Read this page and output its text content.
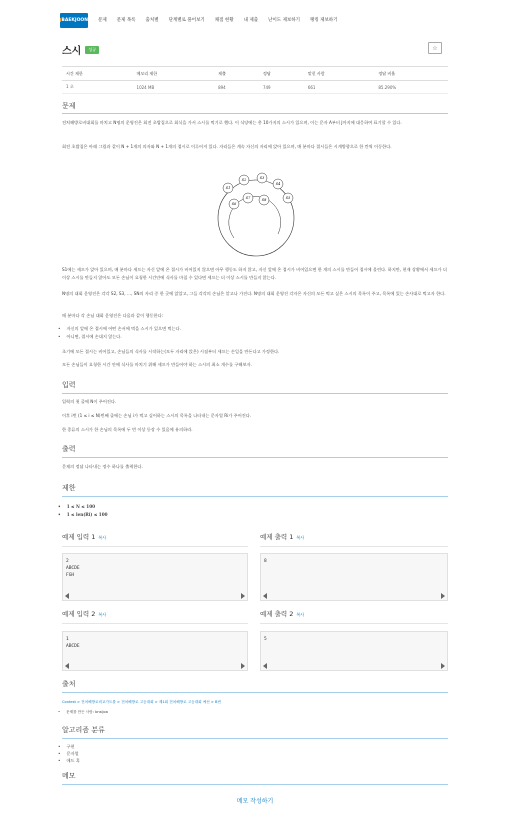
BAEKJOON 문제 문제 목록 출처별 단계별로 풀어보기 채점 현황 내 제출 난이도 제보하기 랭킹 제보하기
스시	성공	☆
시간 제한	메모리 제한	제출	정답	맞힌 사람	정답 비율
1 초	1024 MB	894	749	661	85.290%
문제
전처해방로비대회를 마치고 N명의 운영진은 회전 초밥집으로 회식을 가서 스시를 먹기로 했다. 이 식당에는 총 10가지의 스시가 있으며, 이는 문자 A부터 J까지에 대응하여 표기할 수 있다.
회전 초밥집은 아래 그림과 같이 N + 1개의 의자와 N + 1개의 접시로 이루어져 있다. 자리들은 계속 자신의 자리에 앉아 있으며, 매 분마다 접시들은 시계방향으로 한 칸씩 이동한다.
S1
S2	S3
S4
S5
S6
S7	S8
S1에는 셰프가 앉아 있으며, 매 분마다 셰프는 자신 앞에 온 접시가 비어있지 않으면 아무 행동도 하지 않고, 자신 앞에 온 접시가 비어있으면 한 개의 스시를 만들어 접시에 올린다. 하지만, 현재 상황에서 셰프가 더 이상 스시를 만들지 않아도 모든 손님이 요청한 시간안에 식사를 마칠 수 있다면 셰프는 더 이상 스시를 만들지 않는다.
N명의 대회 운영진은 각각 S2, S3, …, SN의 자리 중 한 곳에 앉았고, 그들 각각의 손님은 알고나 가진다. N명의 대회 운영진 각자은 자신의 모든 먹고 싶은 스시의 목록이 주고, 목록에 있는 손사대로 먹고자 한다.
매 분마다 각 손님 대회 운영진은 다음과 같이 행동한다:
• 자신의 앞에 온 접시에 어떤 손서에 먹을 스시가 있으면 먹는다.
• 아니면, 접시에 손대지 않는다.
초기에 모든 접시는 비어있고, 손님들의 식사를 시작하는(모두 자리에 앉은) 시점부터 셰프는 손일을 만든다고 가정한다.
모든 손님들이 요청한 시간 안에 식사를 마치기 위해 셰프가 만들어야 하는 스시의 최소 개수를 구해보자.
입력
입력의 첫 줄에 N이 주어진다.
이후 i번 (1 ≤ i ≤ N)번째 줄에는 손님 i가 먹고 싶어하는 스시의 목록을 나타내는 문자열 Ri가 주어진다.
한 종류의 스시가 한 손님의 목록에 두 번 이상 등장 수 있음에 유의하라.
출력
문제의 정답 나타내는 정수 하나를 출력한다.
제한
• 1 ≤ N ≤ 100
• 1 ≤ len(Ri) ≤ 100
예제 입력 1 복사
2
ABCDE
FGH
예제 출력 1 복사
8
예제 입력 2 복사
1
ABCDE
예제 출력 2 복사
5
출처
Contest > 전처해방로비교가트를 > 전처해방로 고등대회 > 제1회 전처해방로 고등대회 예선 > B번
• 문제를 만든 사람: bnsijoa
알고리즘 분류
• 구현
• 문자열
• 애드 혹
메모
메모 작성하기
